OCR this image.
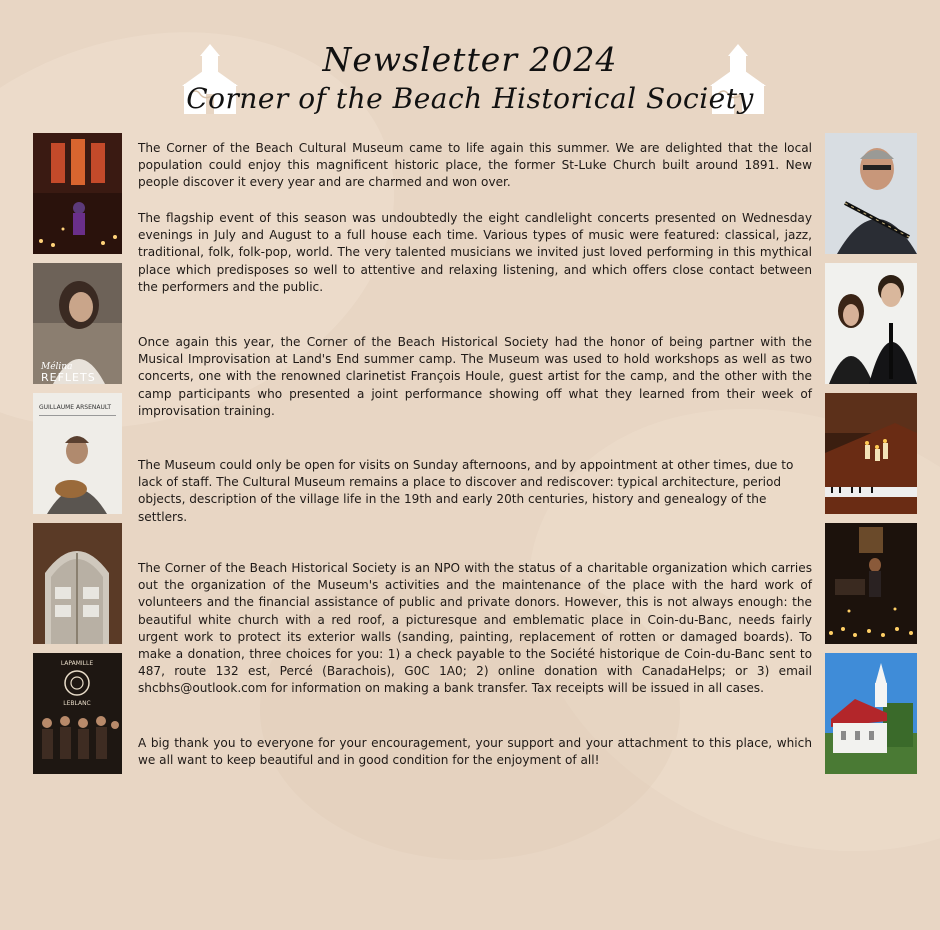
Newsletter 2024
Corner of the Beach Historical Society
Mélina
REFLETS
GUILLAUME ARSENAULT
LAPAMILLE
LEBLANC

The Corner of the Beach Cultural Museum came to life again this summer. We are delighted that the local population could enjoy this magnificent historic place, the former St-Luke Church built around 1891. New people discover it every year and are charmed and won over.

The flagship event of this season was undoubtedly the eight candlelight concerts presented on Wednesday evenings in July and August to a full house each time. Various types of music were featured: classical, jazz, traditional, folk, folk-pop, world. The very talented musicians we invited just loved performing in this mythical place which predisposes so well to attentive and relaxing listening, and which offers close contact between the performers and the public.

Once again this year, the Corner of the Beach Historical Society had the honor of being partner with the Musical Improvisation at Land's End summer camp. The Museum was used to hold workshops as well as two concerts, one with the renowned clarinetist François Houle, guest artist for the camp, and the other with the camp participants who presented a joint performance showing off what they learned from their week of improvisation training.

The Museum could only be open for visits on Sunday afternoons, and by appointment at other times, due to lack of staff. The Cultural Museum remains a place to discover and rediscover: typical architecture, period objects, description of the village life in the 19th and early 20th centuries, history and genealogy of the settlers.

The Corner of the Beach Historical Society is an NPO with the status of a charitable organization which carries out the organization of the Museum's activities and the maintenance of the place with the hard work of volunteers and the financial assistance of public and private donors. However, this is not always enough: the beautiful white church with a red roof, a picturesque and emblematic place in Coin-du-Banc, needs fairly urgent work to protect its exterior walls (sanding, painting, replacement of rotten or damaged boards). To make a donation, three choices for you: 1) a check payable to the Société historique de Coin-du-Banc sent to 487, route 132 est, Percé (Barachois), G0C 1A0; 2) online donation with CanadaHelps; or 3) email shcbhs@outlook.com for information on making a bank transfer. Tax receipts will be issued in all cases.

A big thank you to everyone for your encouragement, your support and your attachment to this place, which we all want to keep beautiful and in good condition for the enjoyment of all!
